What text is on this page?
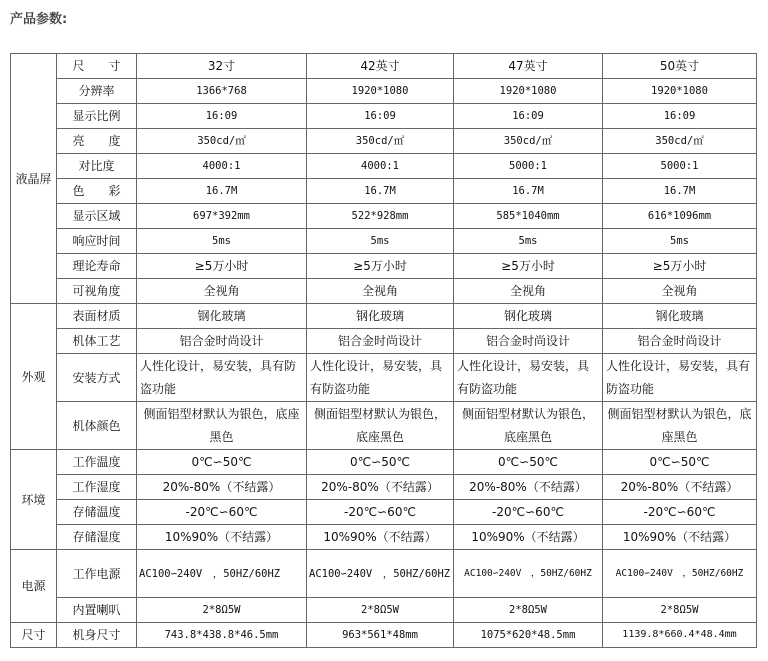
产品参数:
液晶屏	尺　　寸	32寸	42英寸	47英寸	50英寸
	分辨率	1366*768	1920*1080	1920*1080	1920*1080
	显示比例	16:09	16:09	16:09	16:09
	亮　　度	350cd/㎡	350cd/㎡	350cd/㎡	350cd/㎡
	对比度	4000:1	4000:1	5000:1	5000:1
	色　　彩	16.7M	16.7M	16.7M	16.7M
	显示区域	697*392mm	522*928mm	585*1040mm	616*1096mm
	响应时间	5ms	5ms	5ms	5ms
	理论寿命	≥5万小时	≥5万小时	≥5万小时	≥5万小时
	可视角度	全视角	全视角	全视角	全视角
外观	表面材质	钢化玻璃	钢化玻璃	钢化玻璃	钢化玻璃
	机体工艺	铝合金时尚设计	铝合金时尚设计	铝合金时尚设计	铝合金时尚设计
	安装方式	人性化设计，易安装，具有防盗功能	人性化设计，易安装，具有防盗功能	人性化设计，易安装，具有防盗功能	人性化设计，易安装，具有防盗功能
	机体颜色	侧面铝型材默认为银色，底座黑色	侧面铝型材默认为银色，底座黑色	侧面铝型材默认为银色，底座黑色	侧面铝型材默认为银色，底座黑色
环境	工作温度	0℃∽50℃	0℃∽50℃	0℃∽50℃	0℃∽50℃
	工作湿度	20%-80%（不结露）	20%-80%（不结露）	20%-80%（不结露）	20%-80%（不结露）
	存储温度	-20℃∽60℃	-20℃∽60℃	-20℃∽60℃	-20℃∽60℃
	存储湿度	10%90%（不结露）	10%90%（不结露）	10%90%（不结露）	10%90%（不结露）
电源	工作电源	AC100∽240V　，50HZ/60HZ	AC100∽240V　，50HZ/60HZ	AC100∽240V　，50HZ/60HZ	AC100∽240V　，50HZ/60HZ
	内置喇叭	2*8Ω5W	2*8Ω5W	2*8Ω5W	2*8Ω5W
尺寸	机身尺寸	743.8*438.8*46.5mm	963*561*48mm	1075*620*48.5mm	1139.8*660.4*48.4mm
